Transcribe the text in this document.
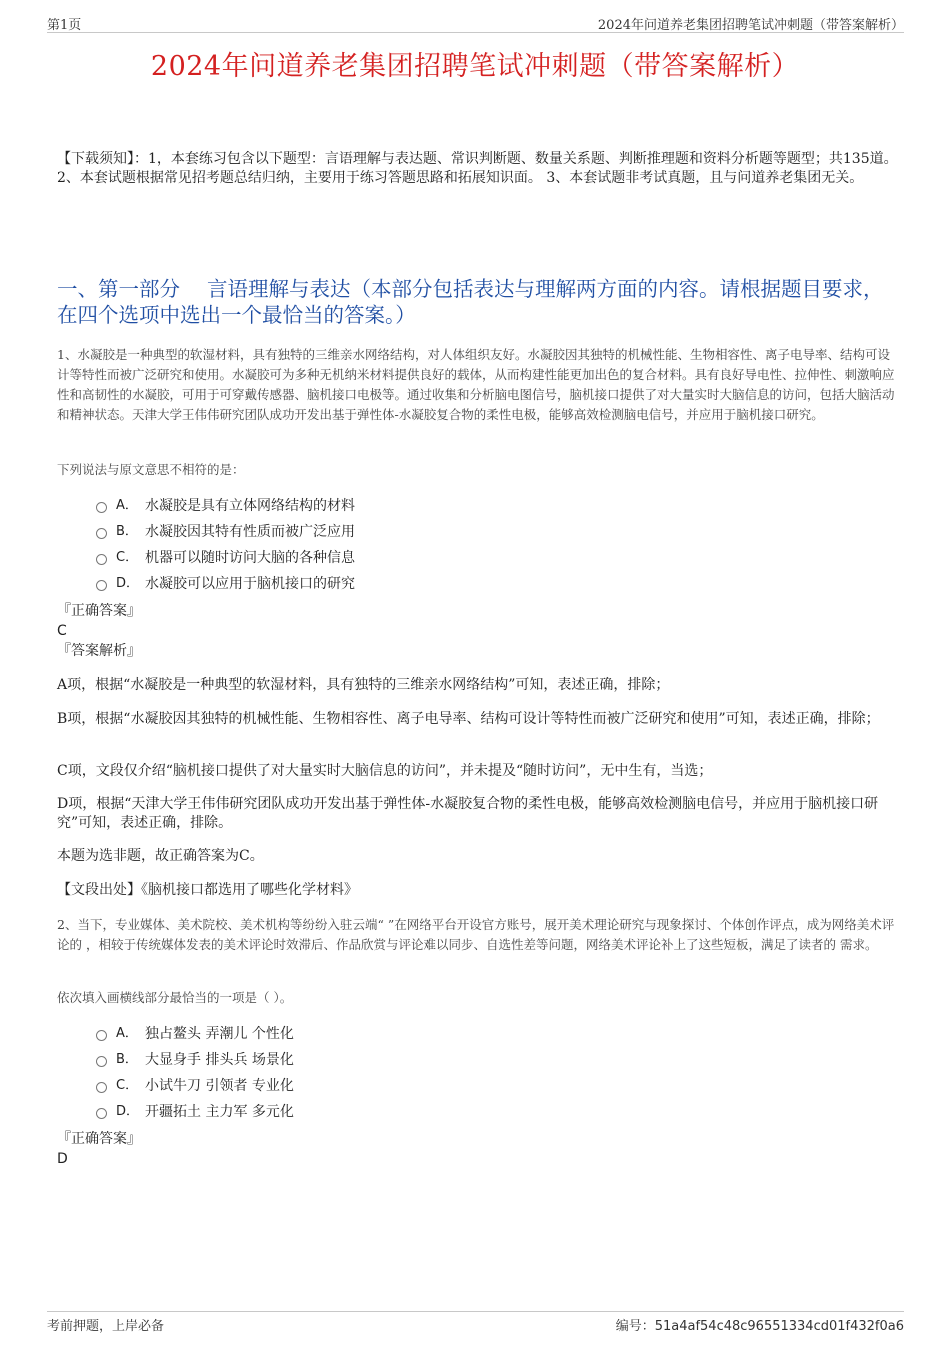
第1页	2024年问道养老集团招聘笔试冲刺题（带答案解析）
2024年问道养老集团招聘笔试冲刺题（带答案解析）
【下载须知】：1，本套练习包含以下题型：言语理解与表达题、常识判断题、数量关系题、判断推理题和资料分析题等题型；共135道。 2、本套试题根据常见招考题总结归纳，主要用于练习答题思路和拓展知识面。 3、本套试题非考试真题，且与问道养老集团无关。
一、第一部分　 言语理解与表达（本部分包括表达与理解两方面的内容。请根据题目要求，在四个选项中选出一个最恰当的答案。）
1、水凝胶是一种典型的软湿材料，具有独特的三维亲水网络结构，对人体组织友好。水凝胶因其独特的机械性能、生物相容性、离子电导率、结构可设计等特性而被广泛研究和使用。水凝胶可为多种无机纳米材料提供良好的载体，从而构建性能更加出色的复合材料。具有良好导电性、拉伸性、刺激响应性和高韧性的水凝胶，可用于可穿戴传感器、脑机接口电极等。通过收集和分析脑电图信号，脑机接口提供了对大量实时大脑信息的访问，包括大脑活动和精神状态。天津大学王伟伟研究团队成功开发出基于弹性体-水凝胶复合物的柔性电极，能够高效检测脑电信号，并应用于脑机接口研究。
下列说法与原文意思不相符的是：
A． 水凝胶是具有立体网络结构的材料
B． 水凝胶因其特有性质而被广泛应用
C． 机器可以随时访问大脑的各种信息
D． 水凝胶可以应用于脑机接口的研究
『正确答案』
C
『答案解析』
A项，根据“水凝胶是一种典型的软湿材料，具有独特的三维亲水网络结构”可知，表述正确，排除；
B项，根据“水凝胶因其独特的机械性能、生物相容性、离子电导率、结构可设计等特性而被广泛研究和使用”可知，表述正确，排除；
C项，文段仅介绍“脑机接口提供了对大量实时大脑信息的访问”，并未提及“随时访问”，无中生有，当选；
D项，根据“天津大学王伟伟研究团队成功开发出基于弹性体-水凝胶复合物的柔性电极，能够高效检测脑电信号，并应用于脑机接口研究”可知，表述正确，排除。
本题为选非题，故正确答案为C。
【文段出处】《脑机接口都选用了哪些化学材料》
2、当下，专业媒体、美术院校、美术机构等纷纷入驻云端“ ”在网络平台开设官方账号，展开美术理论研究与现象探讨、个体创作评点，成为网络美术评论的 ，相较于传统媒体发表的美术评论时效滞后、作品欣赏与评论难以同步、自选性差等问题，网络美术评论补上了这些短板，满足了读者的 需求。
依次填入画横线部分最恰当的一项是（ ）。
A． 独占鳌头 弄潮儿 个性化
B． 大显身手 排头兵 场景化
C． 小试牛刀 引领者 专业化
D． 开疆拓土 主力军 多元化
『正确答案』
D
考前押题，上岸必备	编号：51a4af54c48c96551334cd01f432f0a6
